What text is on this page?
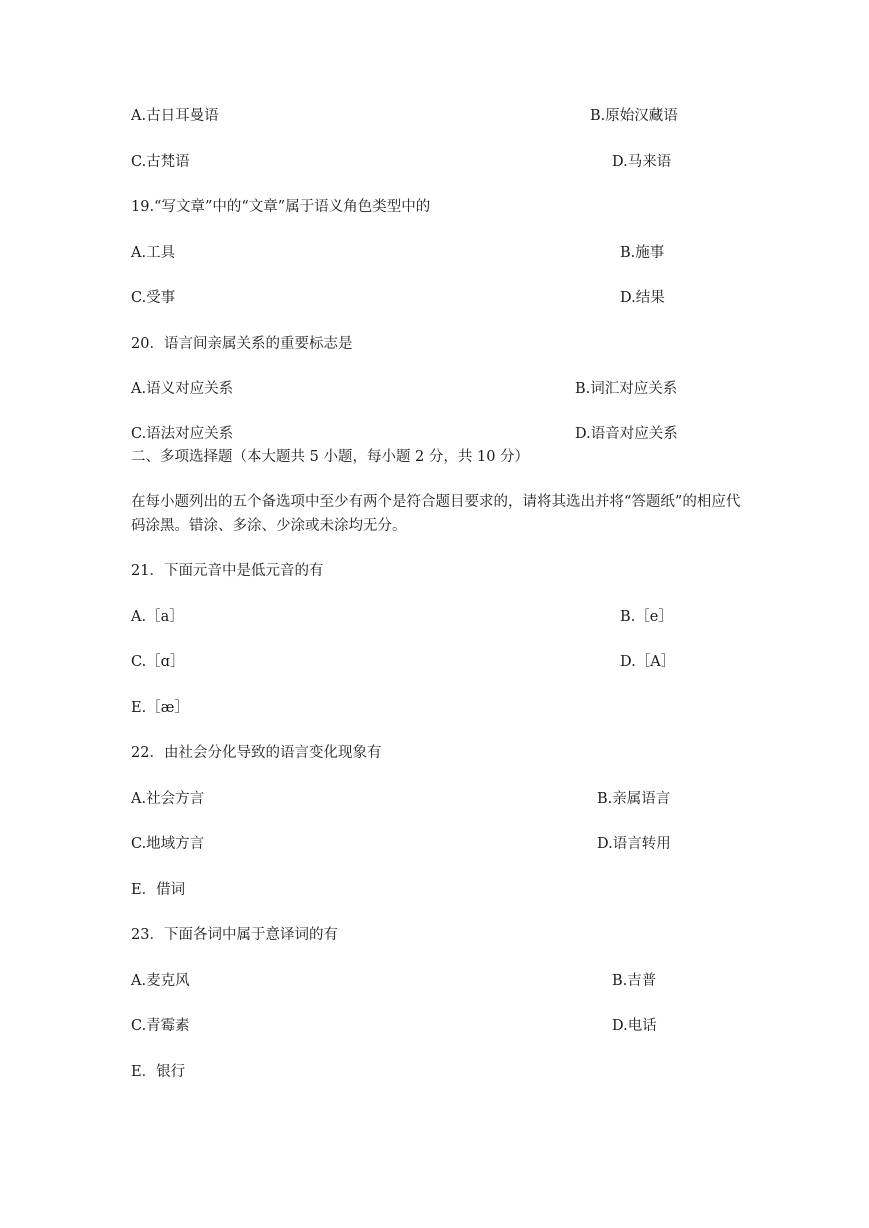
A.古日耳曼语	B.原始汉藏语
C.古梵语	D.马来语
19.“写文章”中的“文章”属于语义角色类型中的
A.工具	B.施事
C.受事	D.结果
20．语言间亲属关系的重要标志是
A.语义对应关系	B.词汇对应关系
C.语法对应关系	D.语音对应关系
二、多项选择题（本大题共 5 小题，每小题 2 分，共 10 分）
在每小题列出的五个备选项中至少有两个是符合题目要求的，请将其选出并将“答题纸”的相应代码涂黑。错涂、多涂、少涂或未涂均无分。
21．下面元音中是低元音的有
A.［a］	B.［e］
C.［ɑ］	D.［A］
E.［æ］
22．由社会分化导致的语言变化现象有
A.社会方言	B.亲属语言
C.地域方言	D.语言转用
E．借词
23．下面各词中属于意译词的有
A.麦克风	B.吉普
C.青霉素	D.电话
E．银行
